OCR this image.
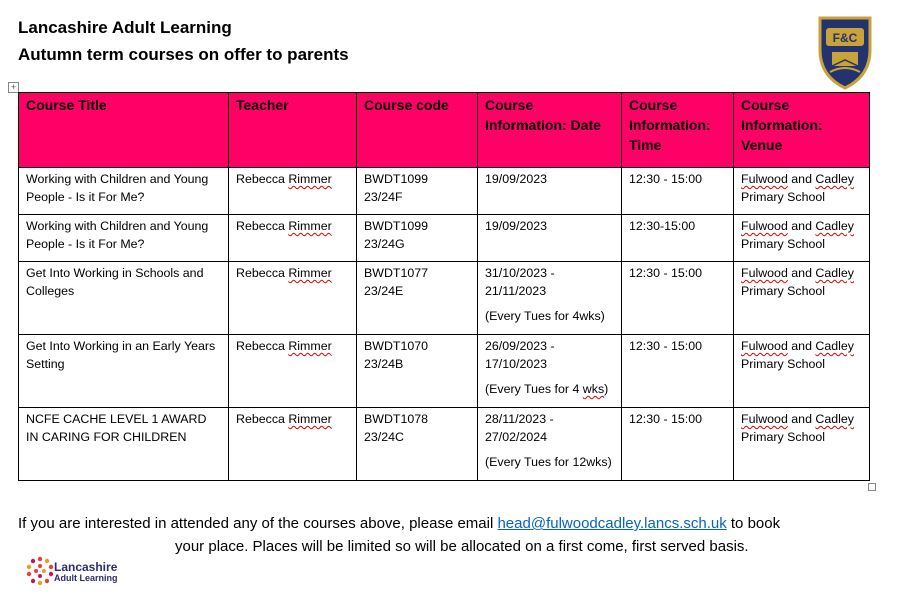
Lancashire Adult Learning
Autumn term courses on offer to parents
F&C
+
Course Title	Teacher	Course code	Course Information: Date	Course Information: Time	Course Information: Venue
Working with Children and Young People - Is it For Me?	Rebecca Rimmer	BWDT1099 23/24F	19/09/2023	12:30 - 15:00	Fulwood and Cadley
Primary School
Working with Children and Young People - Is it For Me?	Rebecca Rimmer	BWDT1099 23/24G	19/09/2023	12:30-15:00	Fulwood and Cadley
Primary School
Get Into Working in Schools and Colleges	Rebecca Rimmer	BWDT1077 23/24E	31/10/2023 - 21/11/2023
(Every Tues for 4wks)	12:30 - 15:00	Fulwood and Cadley
Primary School
Get Into Working in an Early Years Setting	Rebecca Rimmer	BWDT1070 23/24B	26/09/2023 - 17/10/2023
(Every Tues for 4 wks)	12:30 - 15:00	Fulwood and Cadley
Primary School
NCFE CACHE LEVEL 1 AWARD IN CARING FOR CHILDREN	Rebecca Rimmer	BWDT1078 23/24C	28/11/2023 - 27/02/2024
(Every Tues for 12wks)	12:30 - 15:00	Fulwood and Cadley
Primary School
If you are interested in attended any of the courses above, please email head@fulwoodcadley.lancs.sch.uk to book
your place. Places will be limited so will be allocated on a first come, first served basis.
Lancashire
Adult Learning
